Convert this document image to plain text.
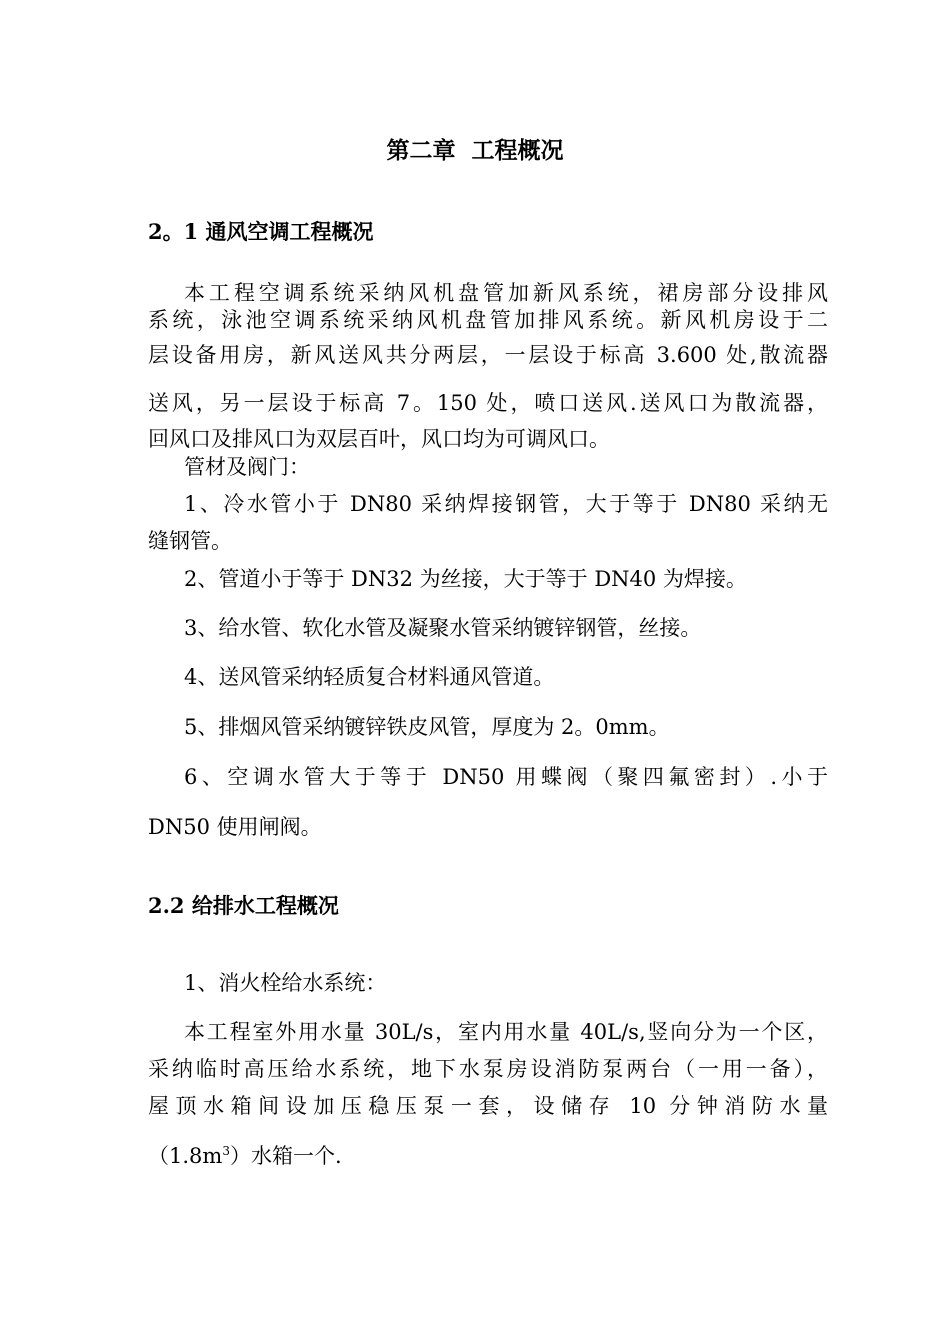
第二章  工程概况
2。1 通风空调工程概况
本工程空调系统采纳风机盘管加新风系统，裙房部分设排风
系统，泳池空调系统采纳风机盘管加排风系统。新风机房设于二
层设备用房，新风送风共分两层，一层设于标高 3.600 处,散流器
送风，另一层设于标高 7。150 处，喷口送风.送风口为散流器，
回风口及排风口为双层百叶，风口均为可调风口。
管材及阀门：
1、冷水管小于 DN80 采纳焊接钢管，大于等于 DN80 采纳无
缝钢管。
2、管道小于等于 DN32 为丝接，大于等于 DN40 为焊接。
3、给水管、软化水管及凝聚水管采纳镀锌钢管，丝接。
4、送风管采纳轻质复合材料通风管道。
5、排烟风管采纳镀锌铁皮风管，厚度为 2。0mm。
6、空调水管大于等于 DN50 用蝶阀（聚四氟密封）.小于
DN50 使用闸阀。
2.2 给排水工程概况
1、消火栓给水系统：
本工程室外用水量 30L/s，室内用水量 40L/s,竖向分为一个区，
采纳临时高压给水系统，地下水泵房设消防泵两台（一用一备），
屋顶水箱间设加压稳压泵一套，设储存 10 分钟消防水量
$(1.8m^3)$水箱一个.
